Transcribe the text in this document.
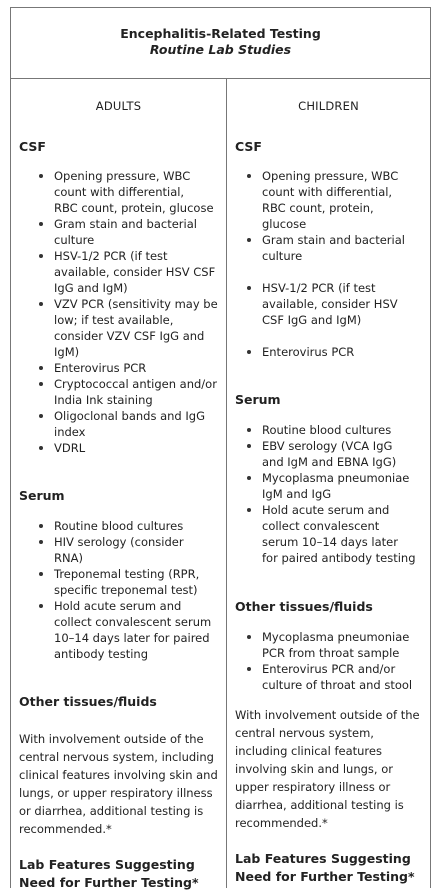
Encephalitis-Related Testing
Routine Lab Studies
ADULTS
CSF
Opening pressure, WBC
count with differential,
RBC count, protein, glucose
Gram stain and bacterial
culture
HSV-1/2 PCR (if test
available, consider HSV CSF
IgG and IgM)
VZV PCR (sensitivity may be
low; if test available,
consider VZV CSF IgG and
IgM)
Enterovirus PCR
Cryptococcal antigen and/or
India Ink staining
Oligoclonal bands and IgG
index
VDRL
Serum
Routine blood cultures
HIV serology (consider
RNA)
Treponemal testing (RPR,
specific treponemal test)
Hold acute serum and
collect convalescent serum
10–14 days later for paired
antibody testing
Other tissues/fluids
With involvement outside of the
central nervous system, including
clinical features involving skin and
lungs, or upper respiratory illness
or diarrhea, additional testing is
recommended.*
Lab Features Suggesting
Need for Further Testing*
CHILDREN
CSF
Opening pressure, WBC
count with differential,
RBC count, protein,
glucose
Gram stain and bacterial
culture
HSV-1/2 PCR (if test
available, consider HSV
CSF IgG and IgM)
Enterovirus PCR
Serum
Routine blood cultures
EBV serology (VCA IgG
and IgM and EBNA IgG)
Mycoplasma pneumoniae
IgM and IgG
Hold acute serum and
collect convalescent
serum 10–14 days later
for paired antibody testing
Other tissues/fluids
Mycoplasma pneumoniae
PCR from throat sample
Enterovirus PCR and/or
culture of throat and stool
With involvement outside of the
central nervous system,
including clinical features
involving skin and lungs, or
upper respiratory illness or
diarrhea, additional testing is
recommended.*
Lab Features Suggesting
Need for Further Testing*
